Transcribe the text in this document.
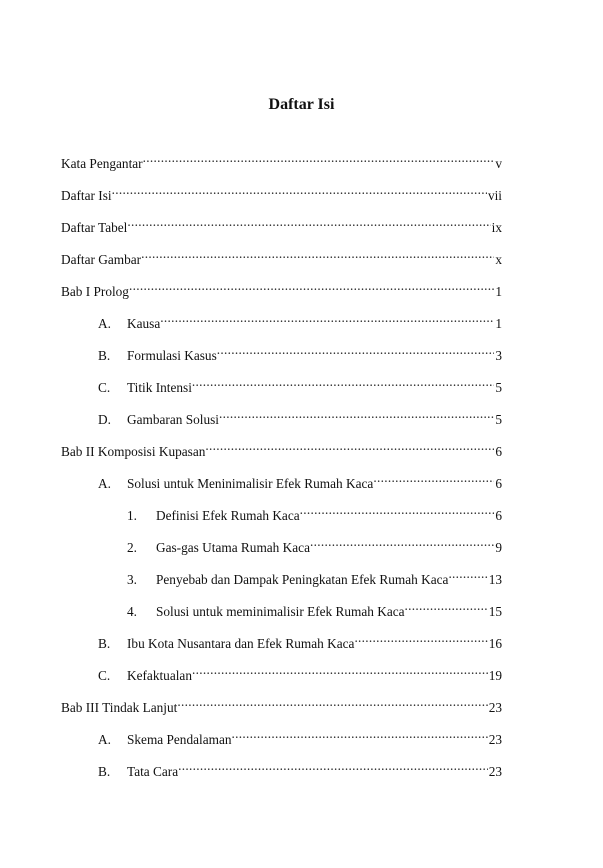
Daftar Isi
Kata Pengantar .....	v
Daftar Isi .....	vii
Daftar Tabel .....	ix
Daftar Gambar .....	x
Bab I Prolog .....	1
A.	Kausa .....	1
B.	Formulasi Kasus .....	3
C.	Titik Intensi .....	5
D.	Gambaran Solusi .....	5
Bab II Komposisi Kupasan .....	6
A.	Solusi untuk Meninimalisir Efek Rumah Kaca .....	6
1.	Definisi Efek Rumah Kaca .....	6
2.	Gas-gas Utama Rumah Kaca .....	9
3.	Penyebab dan Dampak Peningkatan Efek Rumah Kaca .....	13
4.	Solusi untuk meminimalisir Efek Rumah Kaca .....	15
B.	Ibu Kota Nusantara dan Efek Rumah Kaca .....	16
C.	Kefaktualan .....	19
Bab III Tindak Lanjut .....	23
A.	Skema Pendalaman .....	23
B.	Tata Cara .....	23
